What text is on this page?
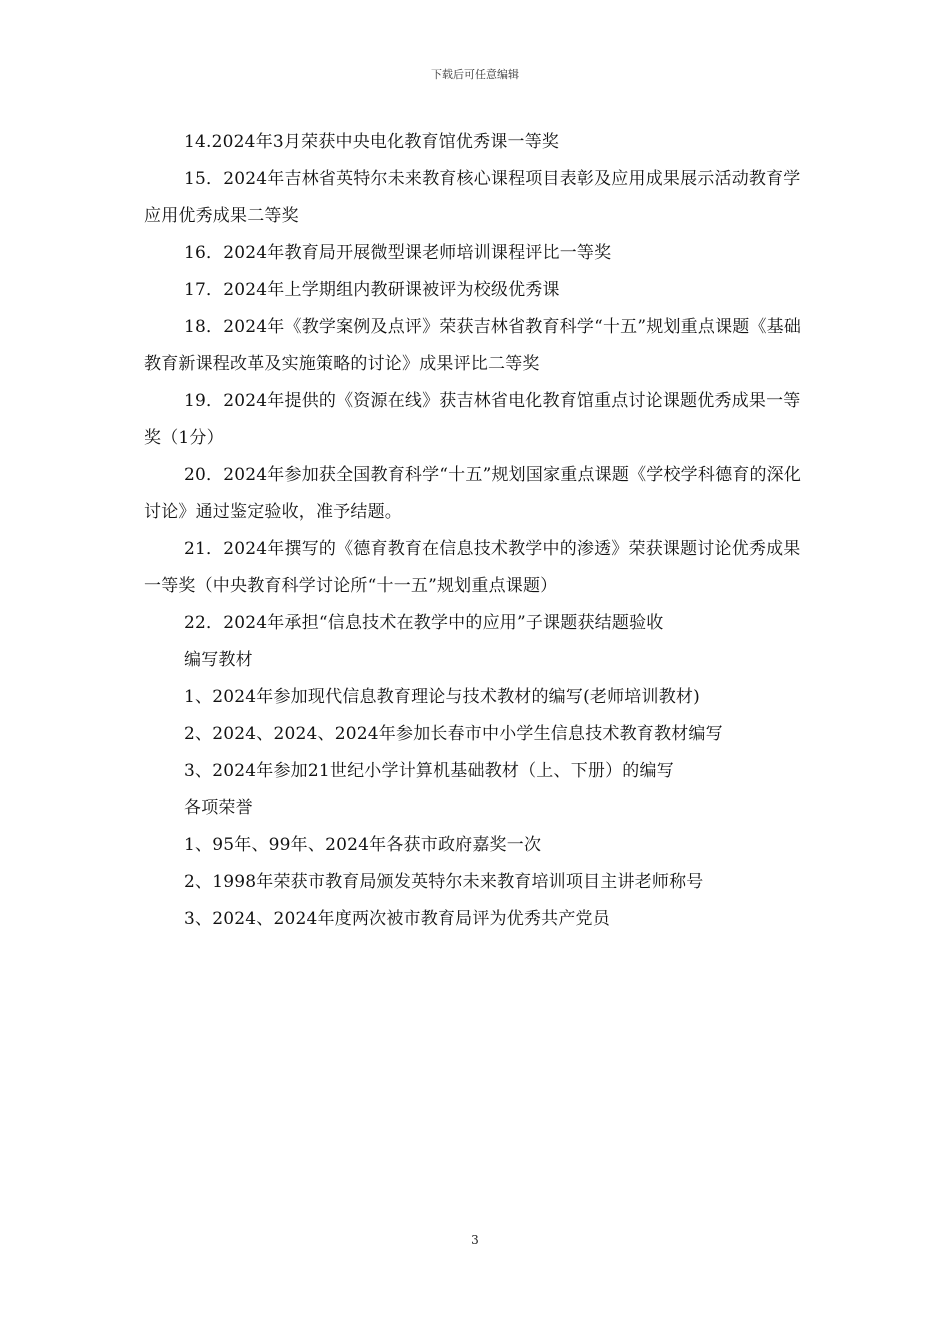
下载后可任意编辑

14.2024年3月荣获中央电化教育馆优秀课一等奖

15．2024年吉林省英特尔未来教育核心课程项目表彰及应用成果展示活动教育学应用优秀成果二等奖

16．2024年教育局开展微型课老师培训课程评比一等奖

17．2024年上学期组内教研课被评为校级优秀课

18．2024年《教学案例及点评》荣获吉林省教育科学“十五”规划重点课题《基础教育新课程改革及实施策略的讨论》成果评比二等奖

19．2024年提供的《资源在线》获吉林省电化教育馆重点讨论课题优秀成果一等奖（1分）

20．2024年参加获全国教育科学“十五”规划国家重点课题《学校学科德育的深化讨论》通过鉴定验收，准予结题。

21．2024年撰写的《德育教育在信息技术教学中的渗透》荣获课题讨论优秀成果一等奖（中央教育科学讨论所“十一五”规划重点课题）

22．2024年承担“信息技术在教学中的应用”子课题获结题验收

编写教材

1、2024年参加现代信息教育理论与技术教材的编写(老师培训教材)

2、2024、2024、2024年参加长春市中小学生信息技术教育教材编写

3、2024年参加21世纪小学计算机基础教材（上、下册）的编写

各项荣誉

1、95年、99年、2024年各获市政府嘉奖一次

2、1998年荣获市教育局颁发英特尔未来教育培训项目主讲老师称号

3、2024、2024年度两次被市教育局评为优秀共产党员

3
